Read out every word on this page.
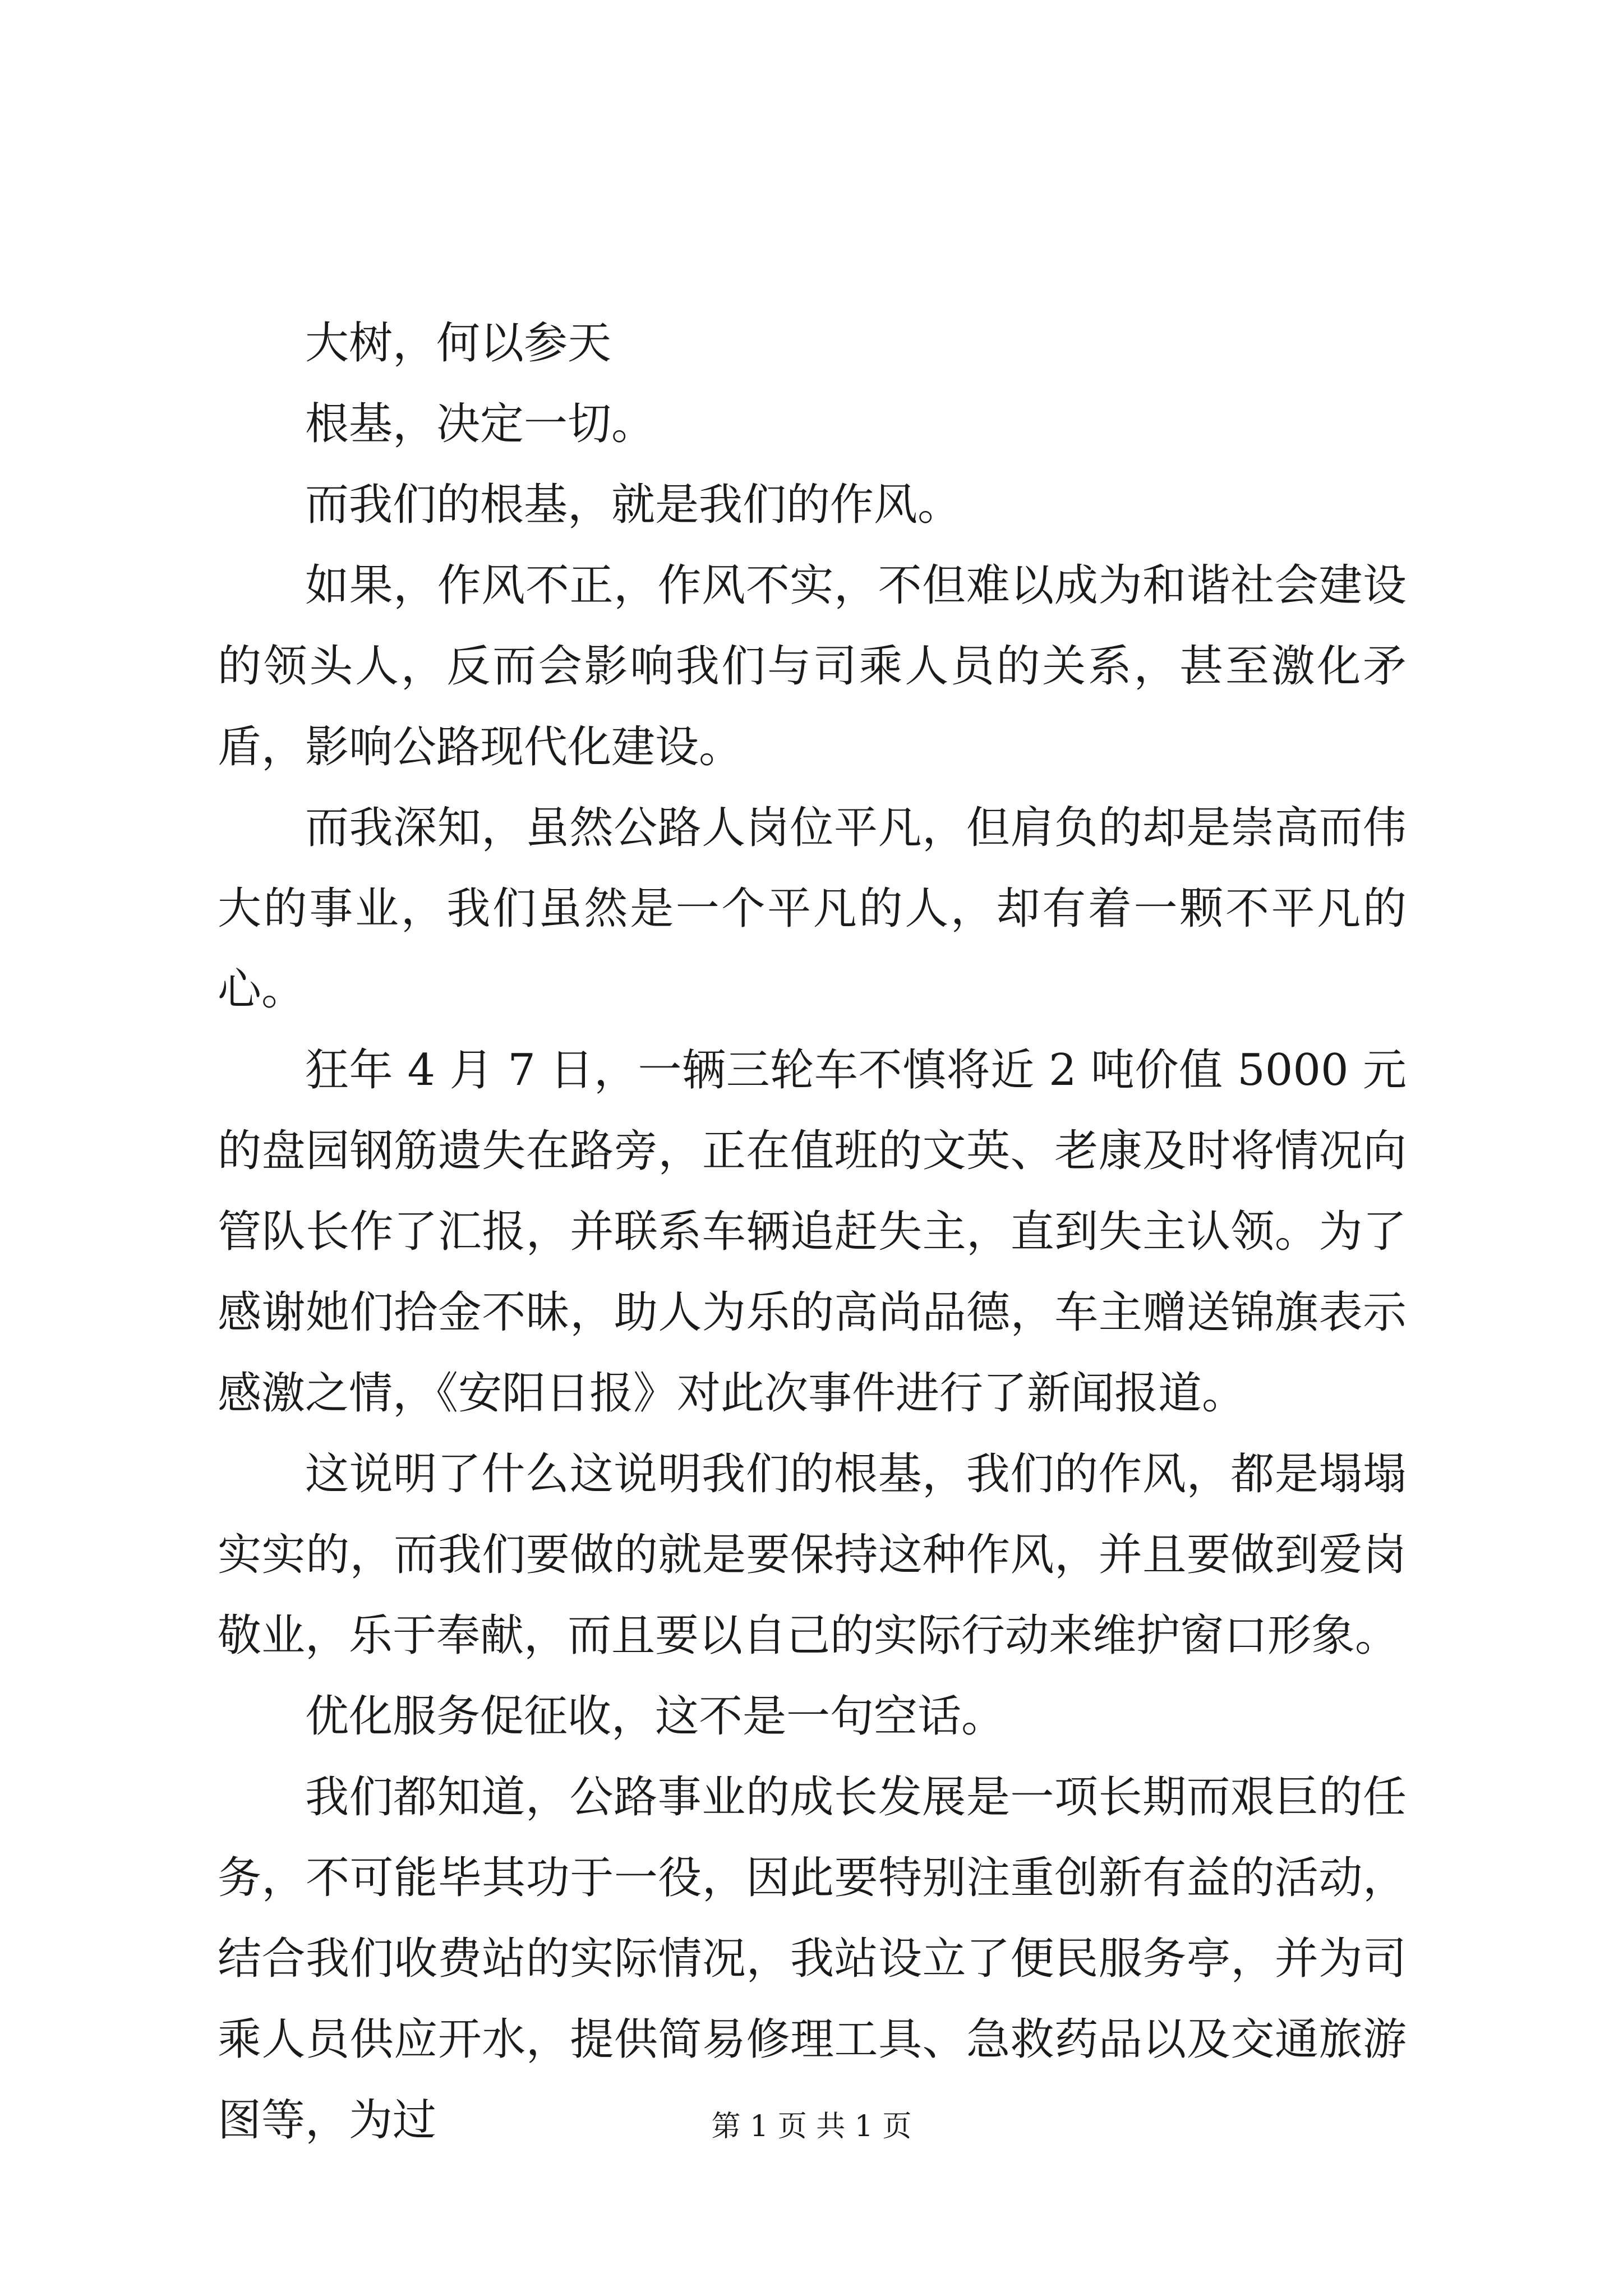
大树，何以参天

根基，决定一切。

而我们的根基，就是我们的作风。

如果，作风不正，作风不实，不但难以成为和谐社会建设的领头人，反而会影响我们与司乘人员的关系，甚至激化矛盾，影响公路现代化建设。

而我深知，虽然公路人岗位平凡，但肩负的却是崇高而伟大的事业，我们虽然是一个平凡的人，却有着一颗不平凡的心。

狂年 4 月 7 日，一辆三轮车不慎将近 2 吨价值 5000 元的盘园钢筋遗失在路旁，正在值班的文英、老康及时将情况向管队长作了汇报，并联系车辆追赶失主，直到失主认领。为了感谢她们拾金不昧，助人为乐的高尚品德，车主赠送锦旗表示感激之情，《安阳日报》对此次事件进行了新闻报道。

这说明了什么这说明我们的根基，我们的作风，都是塌塌实实的，而我们要做的就是要保持这种作风，并且要做到爱岗敬业，乐于奉献，而且要以自己的实际行动来维护窗口形象。

优化服务促征收，这不是一句空话。

我们都知道，公路事业的成长发展是一项长期而艰巨的任务，不可能毕其功于一役，因此要特别注重创新有益的活动，结合我们收费站的实际情况，我站设立了便民服务亭，并为司乘人员供应开水，提供简易修理工具、急救药品以及交通旅游图等，为过	第 1 页 共 1 页
